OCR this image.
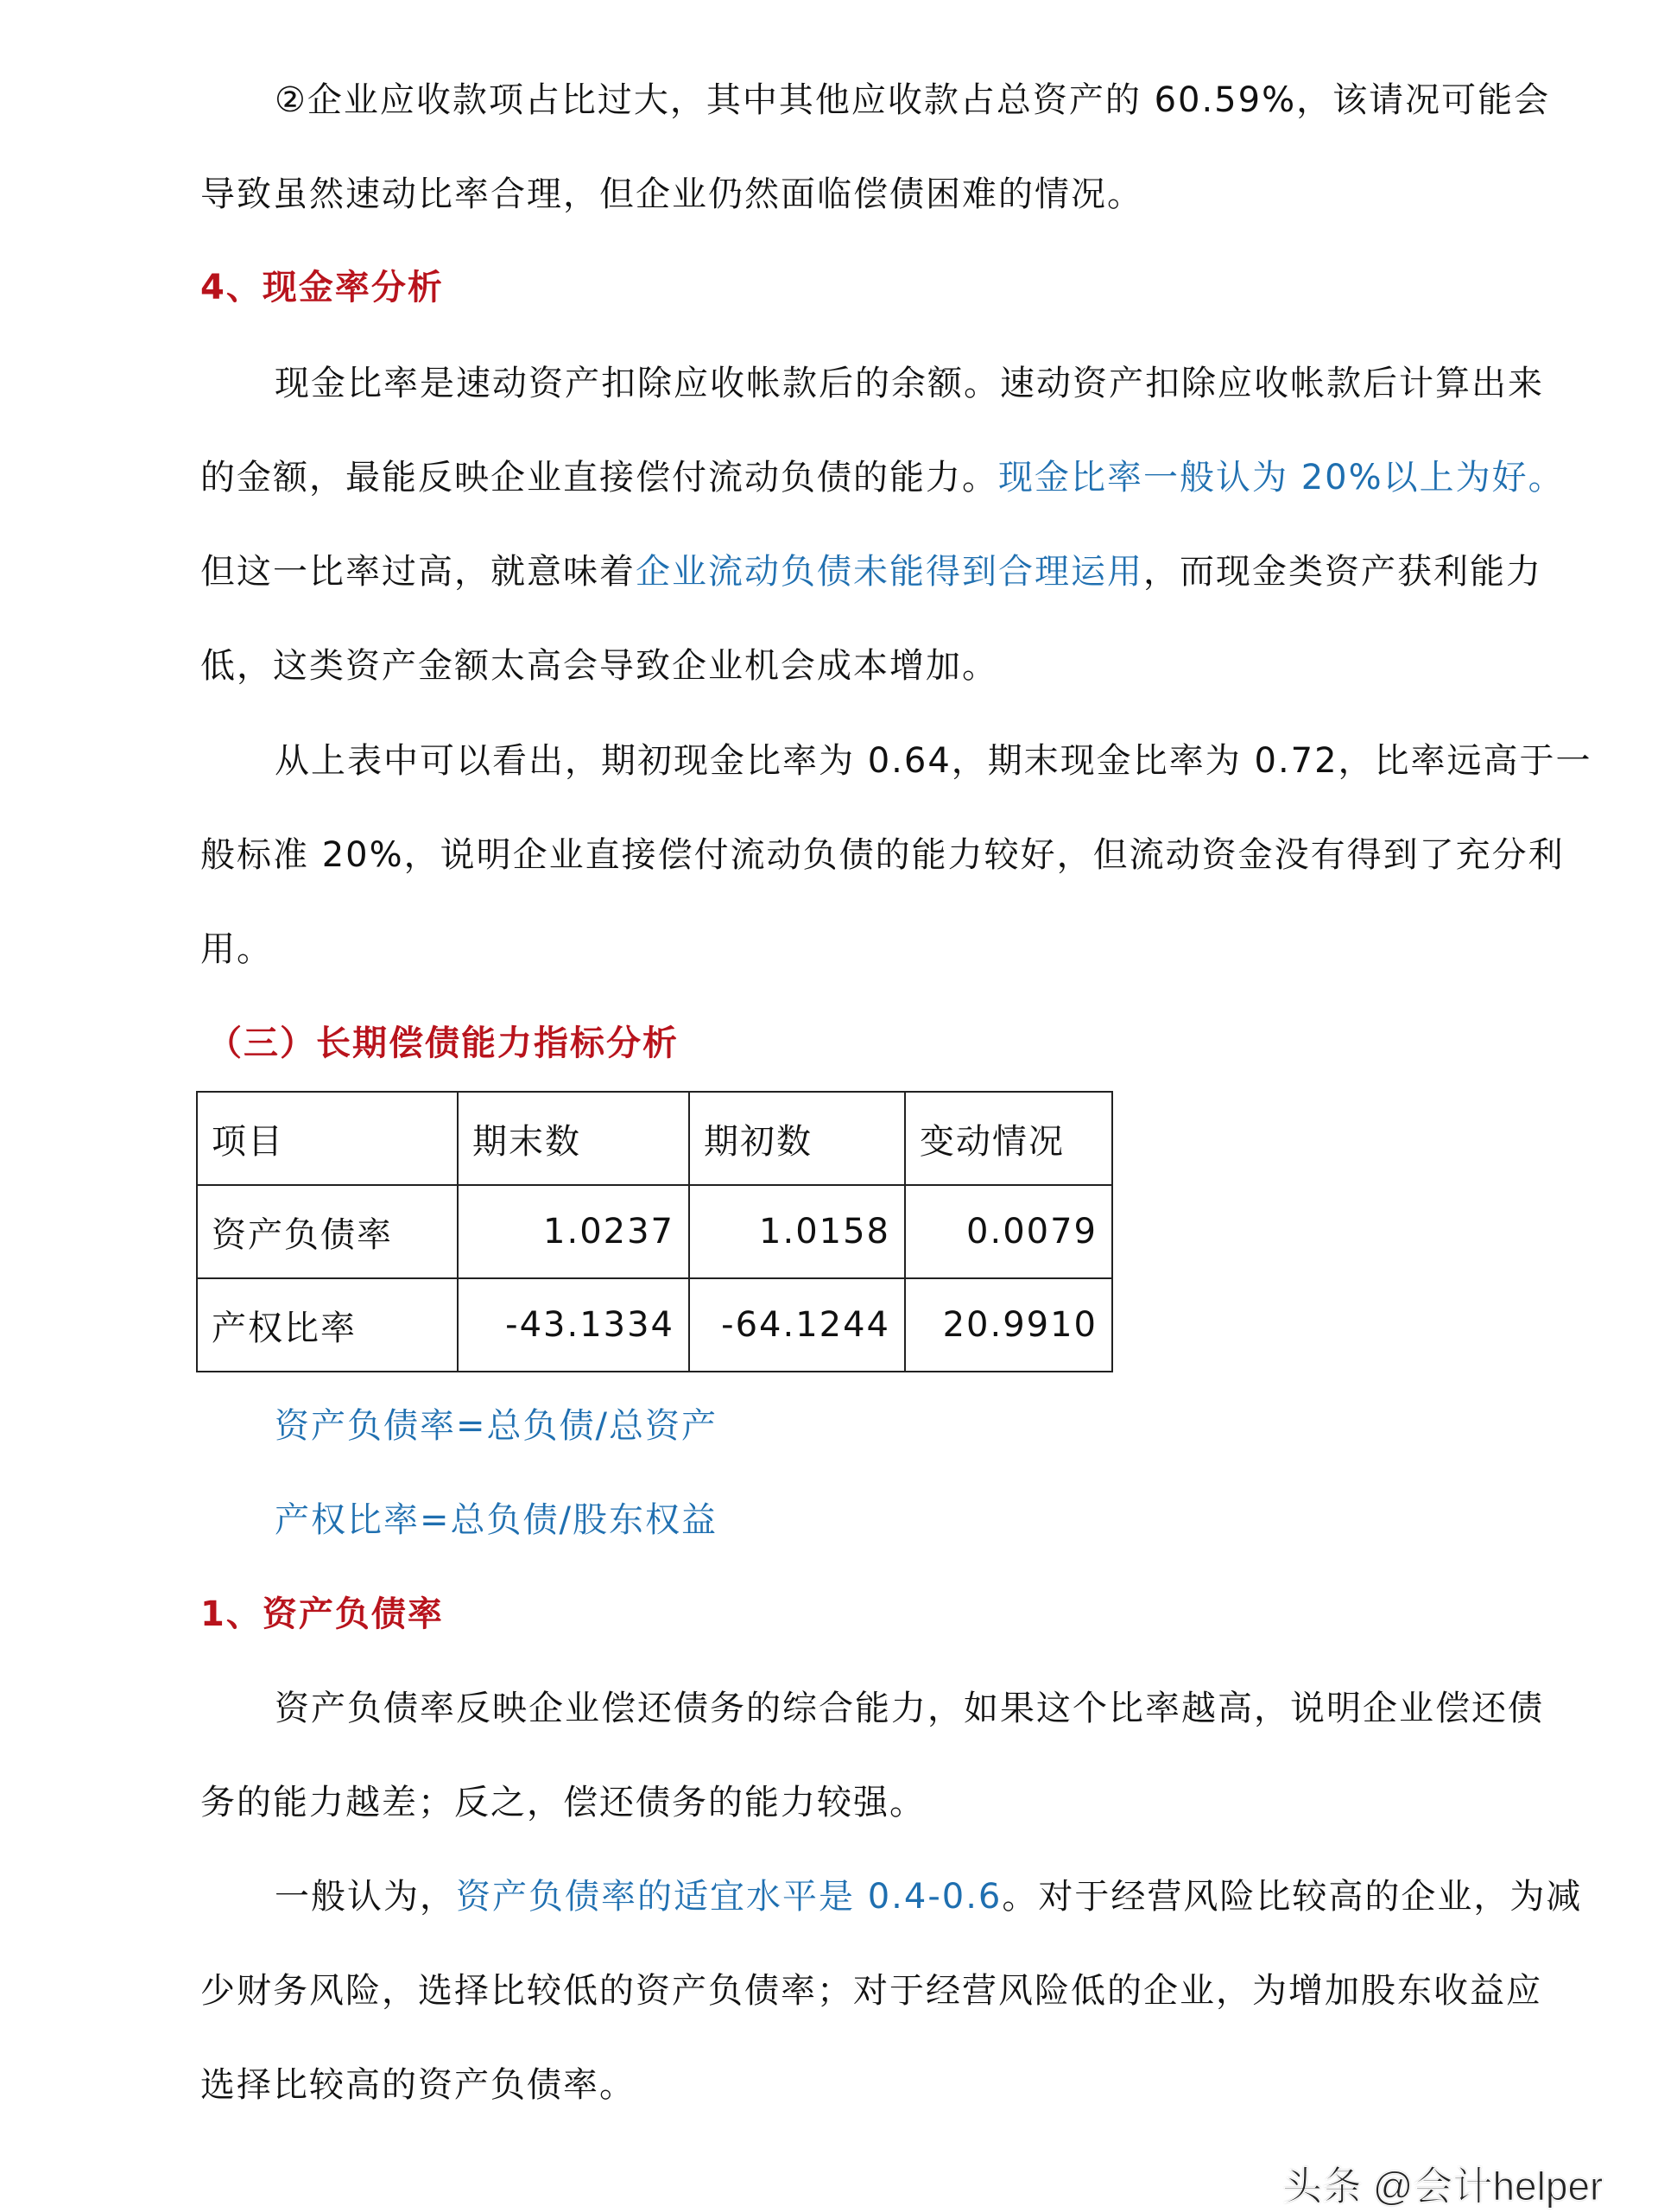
②企业应收款项占比过大，其中其他应收款占总资产的 60.59%，该请况可能会
导致虽然速动比率合理，但企业仍然面临偿债困难的情况。
4、现金率分析
现金比率是速动资产扣除应收帐款后的余额。速动资产扣除应收帐款后计算出来
的金额，最能反映企业直接偿付流动负债的能力。现金比率一般认为 20%以上为好。
但这一比率过高，就意味着企业流动负债未能得到合理运用，而现金类资产获利能力
低，这类资产金额太高会导致企业机会成本增加。
从上表中可以看出，期初现金比率为 0.64，期末现金比率为 0.72，比率远高于一
般标准 20%，说明企业直接偿付流动负债的能力较好，但流动资金没有得到了充分利
用。
（三）长期偿债能力指标分析
项目	期末数	期初数	变动情况
资产负债率	1.0237	1.0158	0.0079
产权比率	-43.1334	-64.1244	20.9910
资产负债率=总负债/总资产
产权比率=总负债/股东权益
1、资产负债率
资产负债率反映企业偿还债务的综合能力，如果这个比率越高，说明企业偿还债
务的能力越差；反之，偿还债务的能力较强。
一般认为，资产负债率的适宜水平是 0.4-0.6。对于经营风险比较高的企业，为减
少财务风险，选择比较低的资产负债率；对于经营风险低的企业，为增加股东收益应
选择比较高的资产负债率。
头条 @会计helper
